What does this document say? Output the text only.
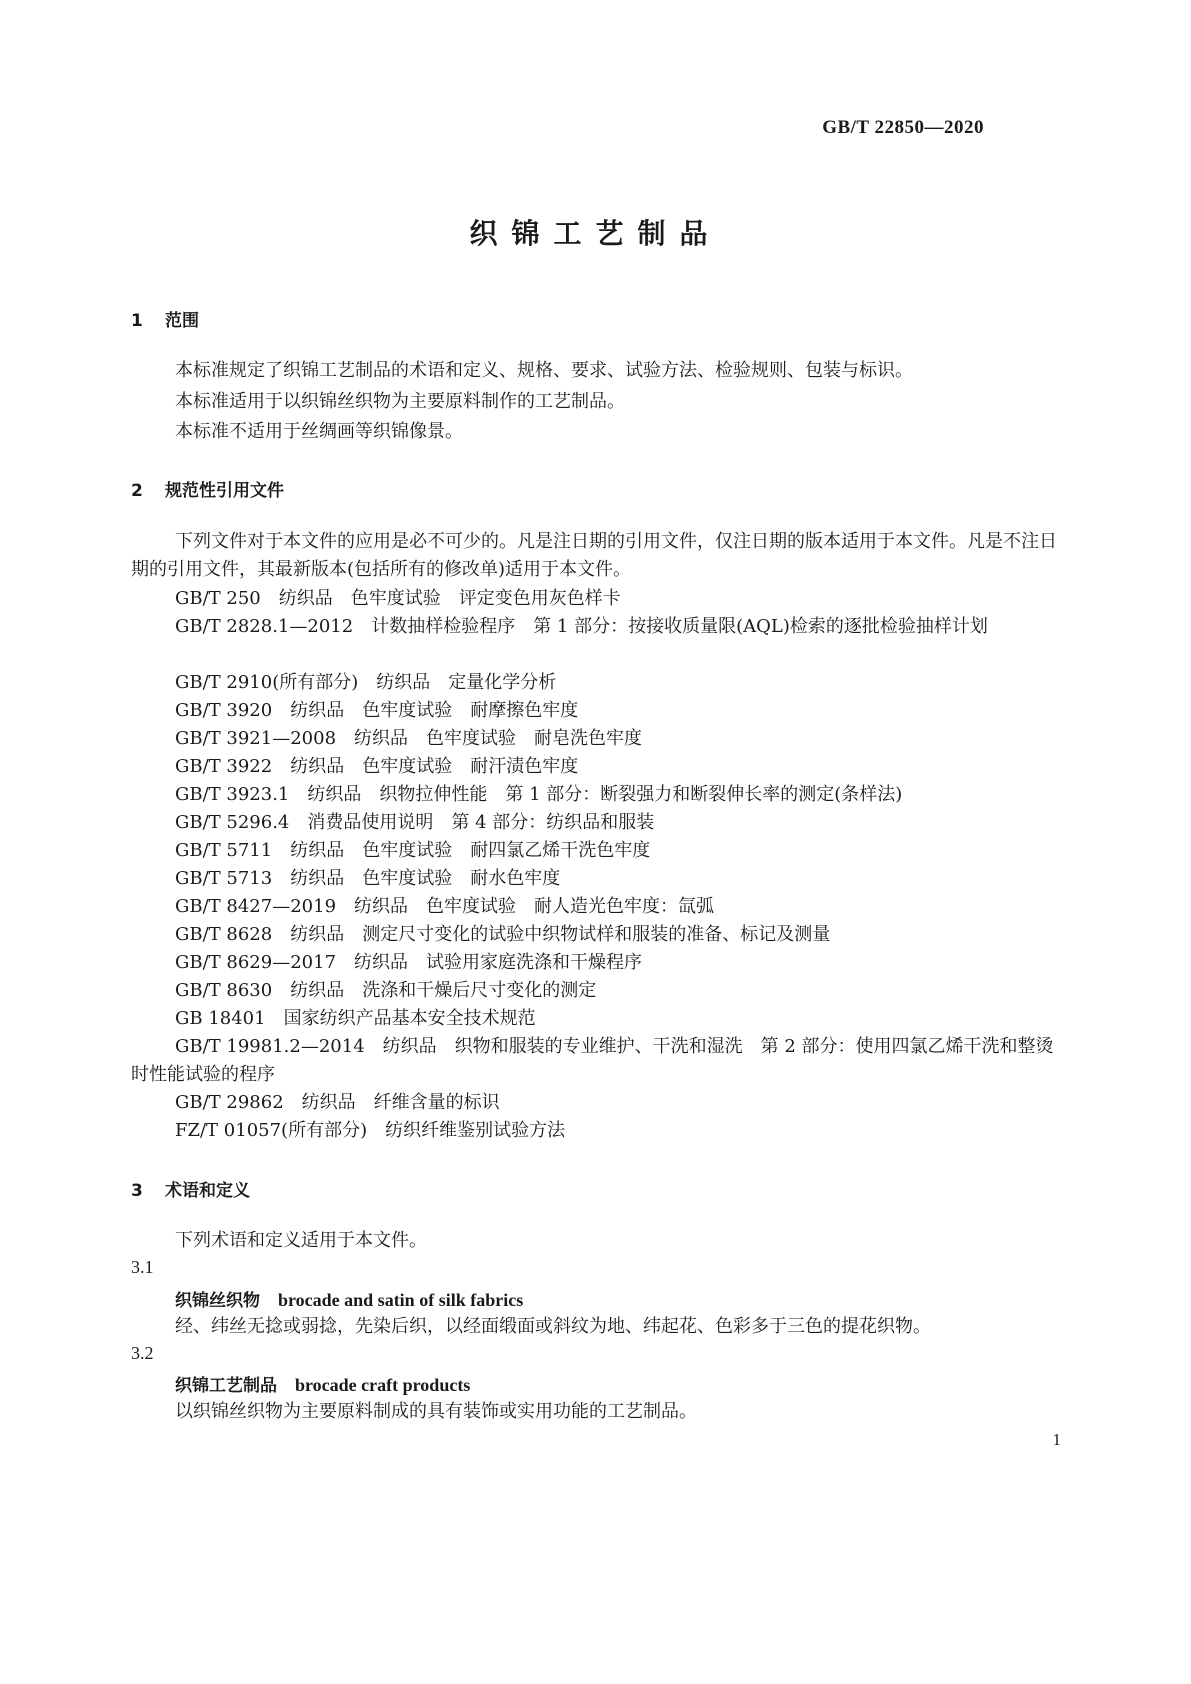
GB/T 22850—2020
织锦工艺制品
1 范围
本标准规定了织锦工艺制品的术语和定义、规格、要求、试验方法、检验规则、包装与标识。
本标准适用于以织锦丝织物为主要原料制作的工艺制品。
本标准不适用于丝绸画等织锦像景。
2 规范性引用文件
下列文件对于本文件的应用是必不可少的。凡是注日期的引用文件，仅注日期的版本适用于本文件。凡是不注日期的引用文件，其最新版本(包括所有的修改单)适用于本文件。
GB/T 250 纺织品　色牢度试验　评定变色用灰色样卡
GB/T 2828.1—2012 计数抽样检验程序　第 1 部分：按接收质量限(AQL)检索的逐批检验抽样计划
GB/T 2910(所有部分) 纺织品　定量化学分析
GB/T 3920 纺织品　色牢度试验　耐摩擦色牢度
GB/T 3921—2008 纺织品　色牢度试验　耐皂洗色牢度
GB/T 3922 纺织品　色牢度试验　耐汗渍色牢度
GB/T 3923.1 纺织品　织物拉伸性能　第 1 部分：断裂强力和断裂伸长率的测定(条样法)
GB/T 5296.4 消费品使用说明　第 4 部分：纺织品和服装
GB/T 5711 纺织品　色牢度试验　耐四氯乙烯干洗色牢度
GB/T 5713 纺织品　色牢度试验　耐水色牢度
GB/T 8427—2019 纺织品　色牢度试验　耐人造光色牢度：氙弧
GB/T 8628 纺织品　测定尺寸变化的试验中织物试样和服装的准备、标记及测量
GB/T 8629—2017 纺织品　试验用家庭洗涤和干燥程序
GB/T 8630 纺织品　洗涤和干燥后尺寸变化的测定
GB 18401 国家纺织产品基本安全技术规范
GB/T 19981.2—2014 纺织品　织物和服装的专业维护、干洗和湿洗　第 2 部分：使用四氯乙烯干洗和整烫时性能试验的程序
GB/T 29862 纺织品　纤维含量的标识
FZ/T 01057(所有部分) 纺织纤维鉴别试验方法
3 术语和定义
下列术语和定义适用于本文件。
3.1
织锦丝织物 brocade and satin of silk fabrics
经、纬丝无捻或弱捻，先染后织，以经面缎面或斜纹为地、纬起花、色彩多于三色的提花织物。
3.2
织锦工艺制品 brocade craft products
以织锦丝织物为主要原料制成的具有装饰或实用功能的工艺制品。
1
